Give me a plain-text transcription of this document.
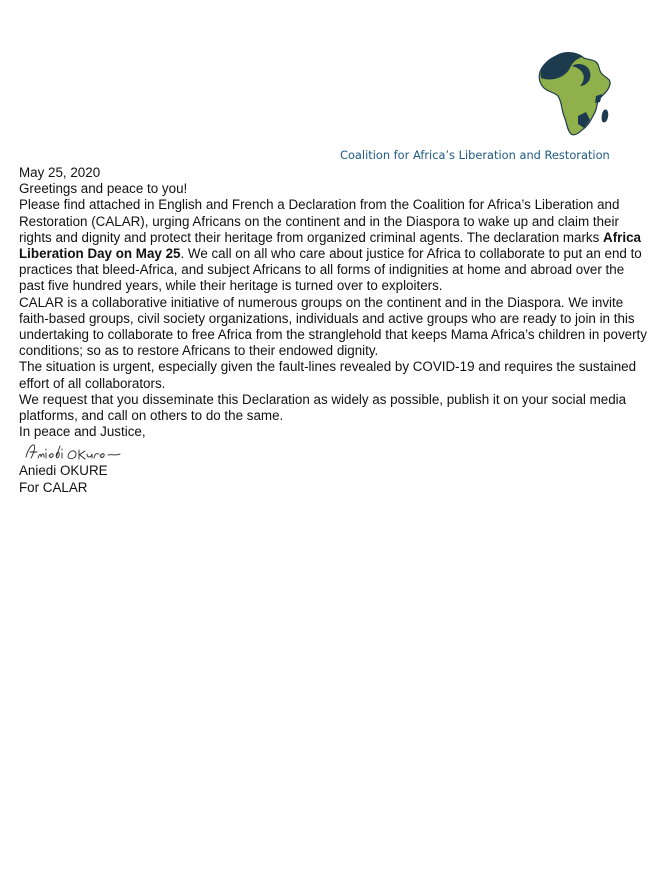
Coalition for Africa’s Liberation and Restoration

May 25, 2020

Greetings and peace to you!

Please find attached in English and French a Declaration from the Coalition for Africa’s Liberation and Restoration (CALAR), urging Africans on the continent and in the Diaspora to wake up and claim their rights and dignity and protect their heritage from organized criminal agents. The declaration marks Africa Liberation Day on May 25. We call on all who care about justice for Africa to collaborate to put an end to practices that bleed-Africa, and subject Africans to all forms of indignities at home and abroad over the past five hundred years, while their heritage is turned over to exploiters.

CALAR is a collaborative initiative of numerous groups on the continent and in the Diaspora. We invite faith-based groups, civil society organizations, individuals and active groups who are ready to join in this undertaking to collaborate to free Africa from the stranglehold that keeps Mama Africa’s children in poverty conditions; so as to restore Africans to their endowed dignity.

The situation is urgent, especially given the fault-lines revealed by COVID-19 and requires the sustained effort of all collaborators.

We request that you disseminate this Declaration as widely as possible, publish it on your social media platforms, and call on others to do the same.

In peace and Justice,

Aniedi OKURE

For CALAR
